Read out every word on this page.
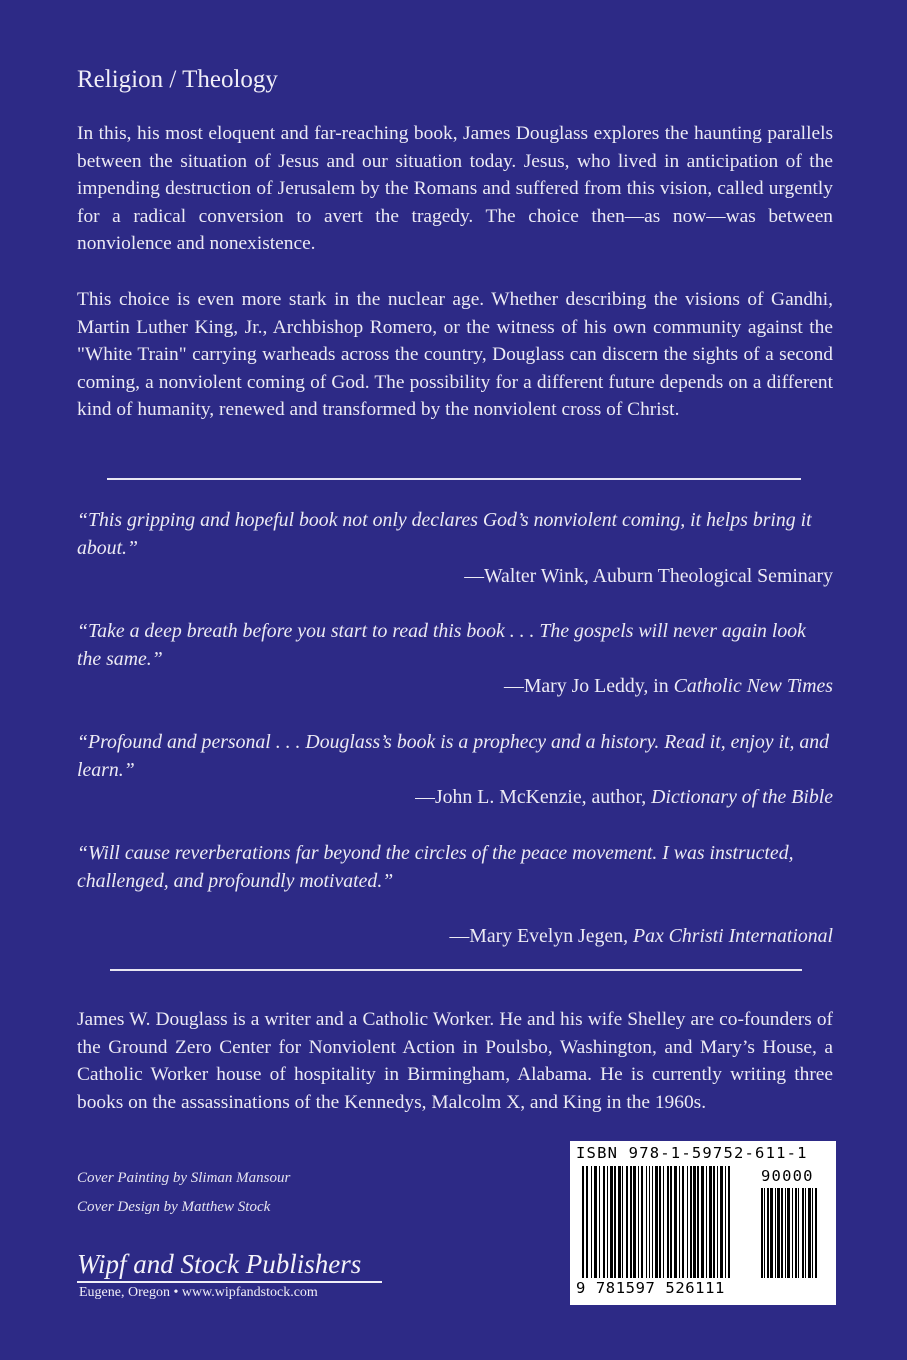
Religion / Theology
In this, his most eloquent and far-reaching book, James Douglass explores the haunting parallels between the situation of Jesus and our situation today. Jesus, who lived in anticipation of the impending destruction of Jerusalem by the Romans and suffered from this vision, called urgently for a radical conversion to avert the tragedy. The choice then—as now—was between nonviolence and nonexistence.
This choice is even more stark in the nuclear age. Whether describing the visions of Gandhi, Martin Luther King, Jr., Archbishop Romero, or the witness of his own community against the "White Train" carrying warheads across the country, Douglass can discern the sights of a second coming, a nonviolent coming of God. The possibility for a different future depends on a different kind of humanity, renewed and transformed by the nonviolent cross of Christ.
“This gripping and hopeful book not only declares God’s nonviolent coming, it helps bring it about.”
—Walter Wink, Auburn Theological Seminary
“Take a deep breath before you start to read this book . . . The gospels will never again look the same.”
—Mary Jo Leddy, in Catholic New Times
“Profound and personal . . . Douglass’s book is a prophecy and a history. Read it, enjoy it, and learn.”
—John L. McKenzie, author, Dictionary of the Bible
“Will cause reverberations far beyond the circles of the peace movement. I was instructed, challenged, and profoundly motivated.”
—Mary Evelyn Jegen, Pax Christi International
James W. Douglass is a writer and a Catholic Worker. He and his wife Shelley are co-founders of the Ground Zero Center for Nonviolent Action in Poulsbo, Washington, and Mary’s House, a Catholic Worker house of hospitality in Birmingham, Alabama. He is currently writing three books on the assassinations of the Kennedys, Malcolm X, and King in the 1960s.
Cover Painting by Sliman Mansour
Cover Design by Matthew Stock
Wipf and Stock Publishers
Eugene, Oregon • www.wipfandstock.com
ISBN 978-1-59752-611-1
90000
9 781597 526111
